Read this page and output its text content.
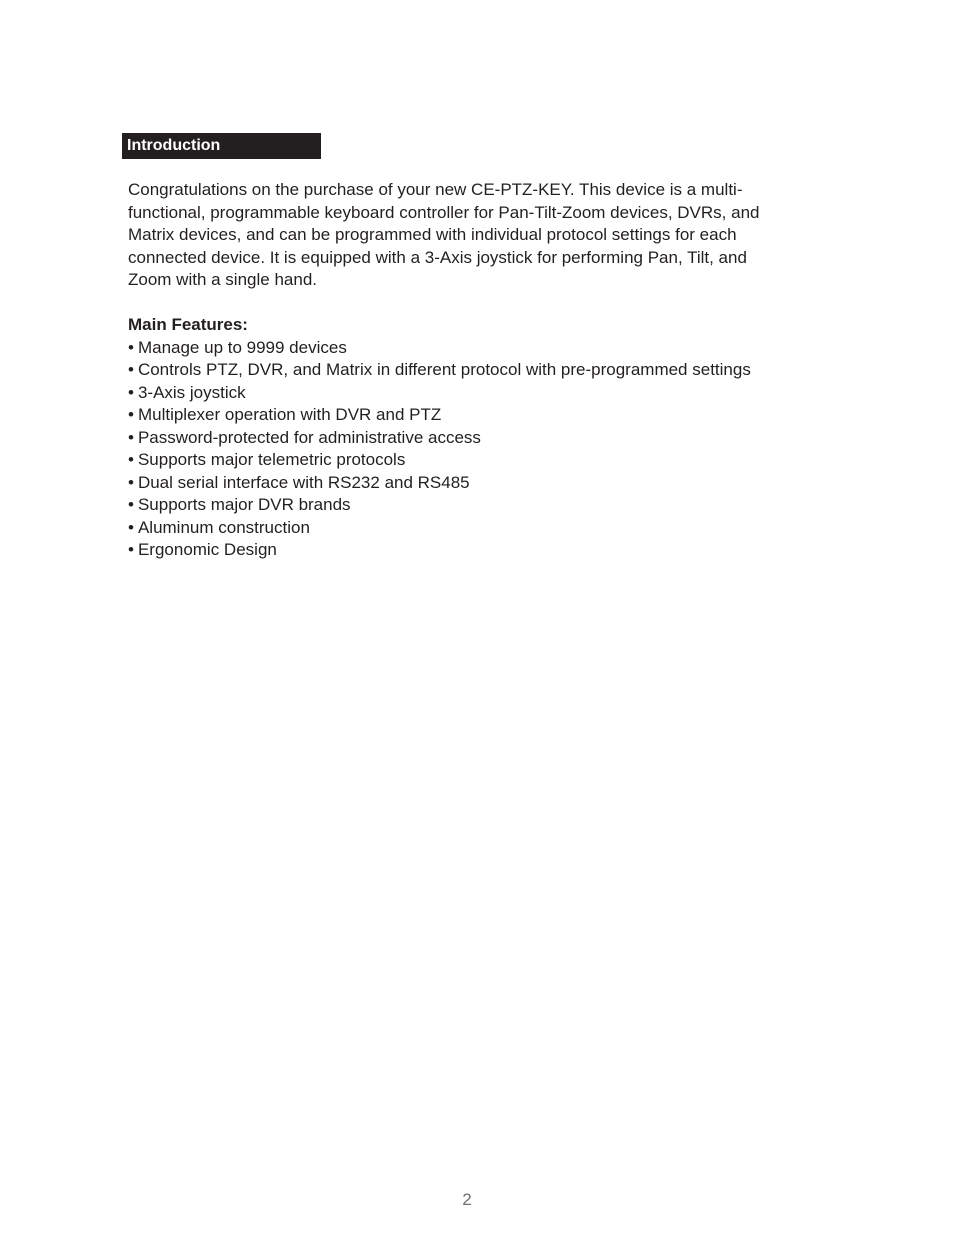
Introduction

Congratulations on the purchase of your new CE-PTZ-KEY. This device is a multi-functional, programmable keyboard controller for Pan-Tilt-Zoom devices, DVRs, and Matrix devices, and can be programmed with individual protocol settings for each connected device. It is equipped with a 3-Axis joystick for performing Pan, Tilt, and Zoom with a single hand.

Main Features:

• Manage up to 9999 devices
• Controls PTZ, DVR, and Matrix in different protocol with pre-programmed settings
• 3-Axis joystick
• Multiplexer operation with DVR and PTZ
• Password-protected for administrative access
• Supports major telemetric protocols
• Dual serial interface with RS232 and RS485
• Supports major DVR brands
• Aluminum construction
• Ergonomic Design
2
